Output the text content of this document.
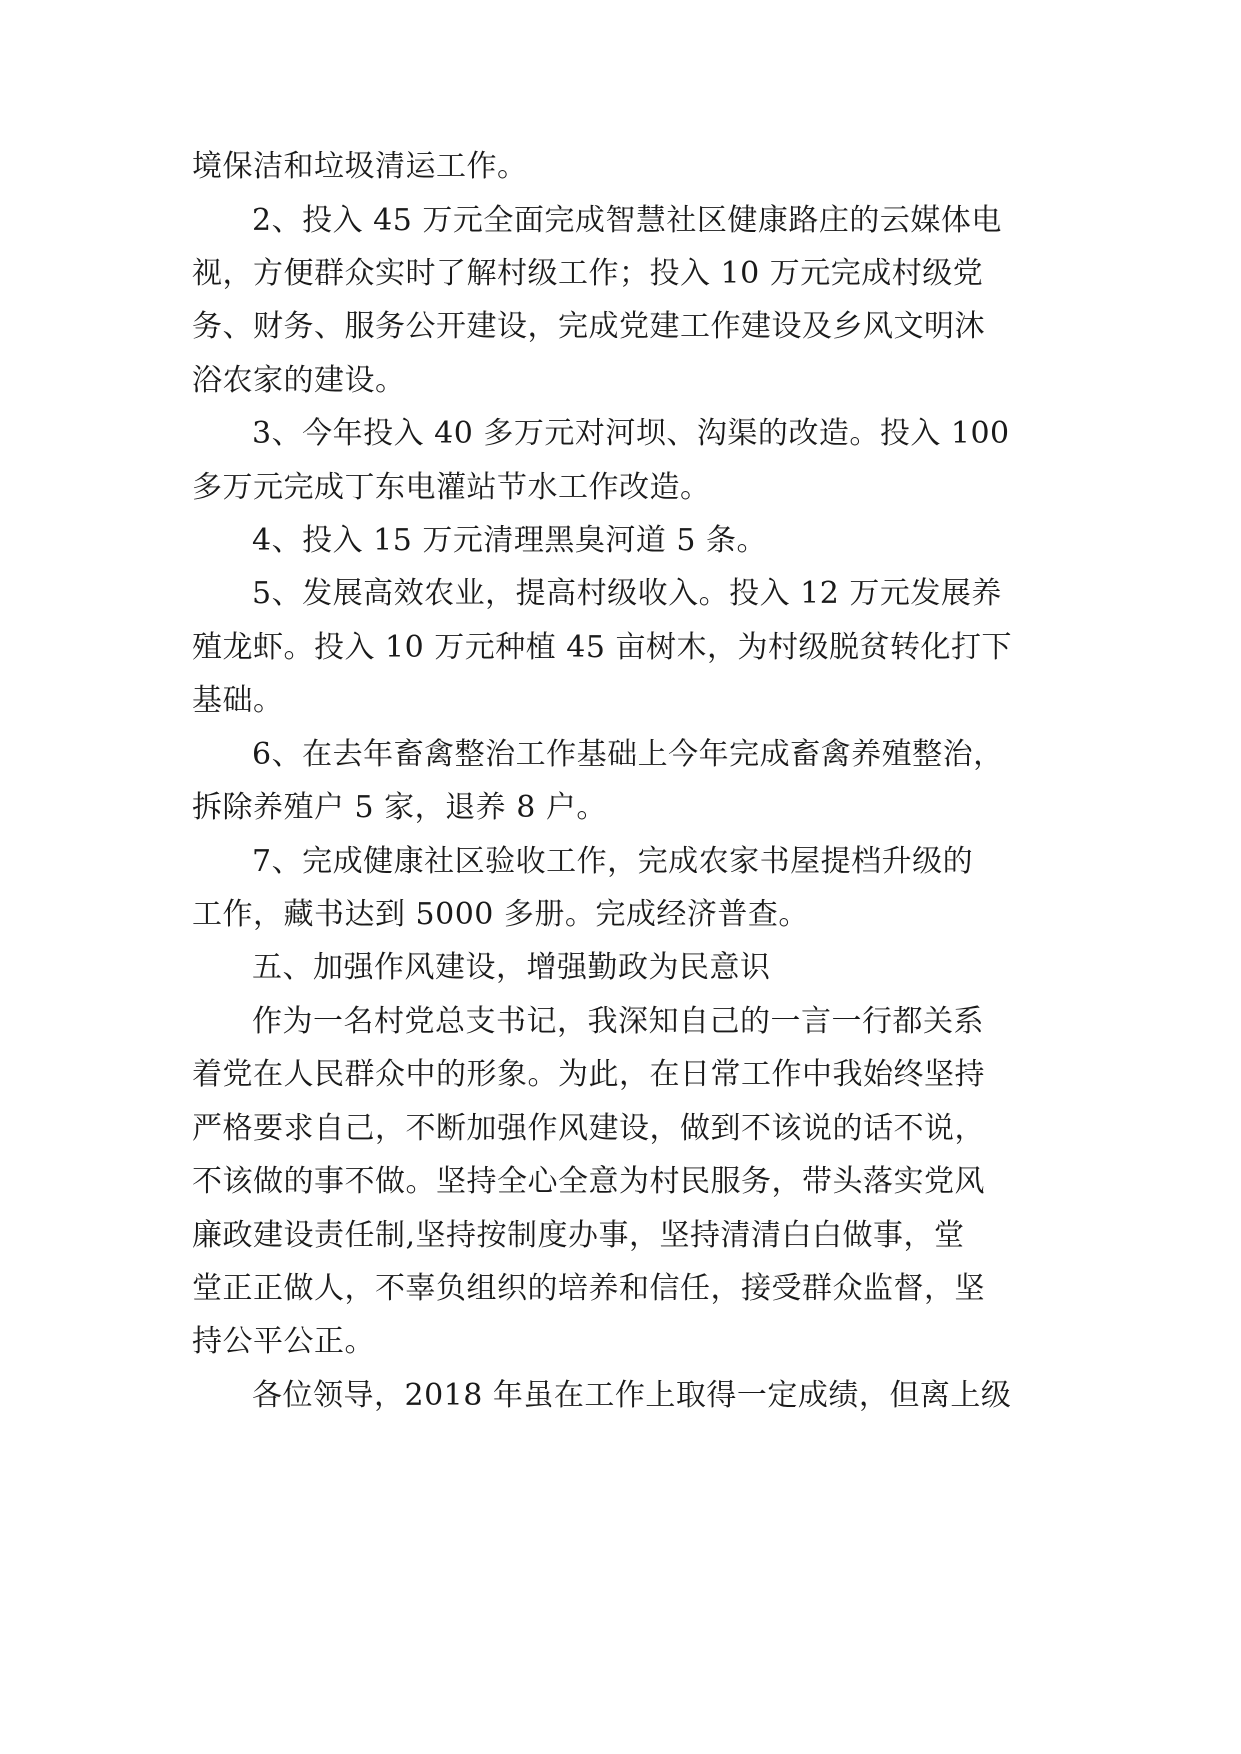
境保洁和垃圾清运工作。

2、投入 45 万元全面完成智慧社区健康路庄的云媒体电

视，方便群众实时了解村级工作；投入 10 万元完成村级党

务、财务、服务公开建设，完成党建工作建设及乡风文明沐

浴农家的建设。

3、今年投入 40 多万元对河坝、沟渠的改造。投入 100

多万元完成丁东电灌站节水工作改造。

4、投入 15 万元清理黑臭河道 5 条。

5、发展高效农业，提高村级收入。投入 12 万元发展养

殖龙虾。投入 10 万元种植 45 亩树木，为村级脱贫转化打下

基础。

6、在去年畜禽整治工作基础上今年完成畜禽养殖整治，

拆除养殖户 5 家，退养 8 户。

7、完成健康社区验收工作，完成农家书屋提档升级的

工作，藏书达到 5000 多册。完成经济普查。

五、加强作风建设，增强勤政为民意识

作为一名村党总支书记，我深知自己的一言一行都关系

着党在人民群众中的形象。为此，在日常工作中我始终坚持

严格要求自己，不断加强作风建设，做到不该说的话不说，

不该做的事不做。坚持全心全意为村民服务，带头落实党风

廉政建设责任制,坚持按制度办事，坚持清清白白做事，堂

堂正正做人，不辜负组织的培养和信任，接受群众监督，坚

持公平公正。

各位领导，2018 年虽在工作上取得一定成绩，但离上级
